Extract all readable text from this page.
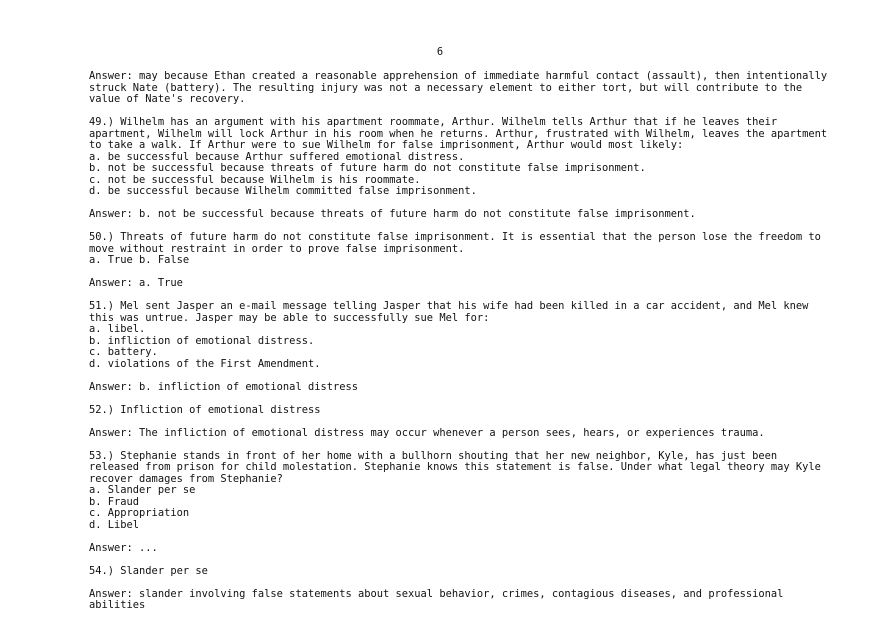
6
Answer: may because Ethan created a reasonable apprehension of immediate harmful contact (assault), then intentionally
struck Nate (battery). The resulting injury was not a necessary element to either tort, but will contribute to the
value of Nate's recovery.
49.) Wilhelm has an argument with his apartment roommate, Arthur. Wilhelm tells Arthur that if he leaves their
apartment, Wilhelm will lock Arthur in his room when he returns. Arthur, frustrated with Wilhelm, leaves the apartment
to take a walk. If Arthur were to sue Wilhelm for false imprisonment, Arthur would most likely:
a. be successful because Arthur suffered emotional distress.
b. not be successful because threats of future harm do not constitute false imprisonment.
c. not be successful because Wilhelm is his roommate.
d. be successful because Wilhelm committed false imprisonment.
Answer: b. not be successful because threats of future harm do not constitute false imprisonment.
50.) Threats of future harm do not constitute false imprisonment. It is essential that the person lose the freedom to
move without restraint in order to prove false imprisonment.
a. True b. False
Answer: a. True
51.) Mel sent Jasper an e-mail message telling Jasper that his wife had been killed in a car accident, and Mel knew
this was untrue. Jasper may be able to successfully sue Mel for:
a. libel.
b. infliction of emotional distress.
c. battery.
d. violations of the First Amendment.
Answer: b. infliction of emotional distress
52.) Infliction of emotional distress
Answer: The infliction of emotional distress may occur whenever a person sees, hears, or experiences trauma.
53.) Stephanie stands in front of her home with a bullhorn shouting that her new neighbor, Kyle, has just been
released from prison for child molestation. Stephanie knows this statement is false. Under what legal theory may Kyle
recover damages from Stephanie?
a. Slander per se
b. Fraud
c. Appropriation
d. Libel
Answer: ...
54.) Slander per se
Answer: slander involving false statements about sexual behavior, crimes, contagious diseases, and professional
abilities
